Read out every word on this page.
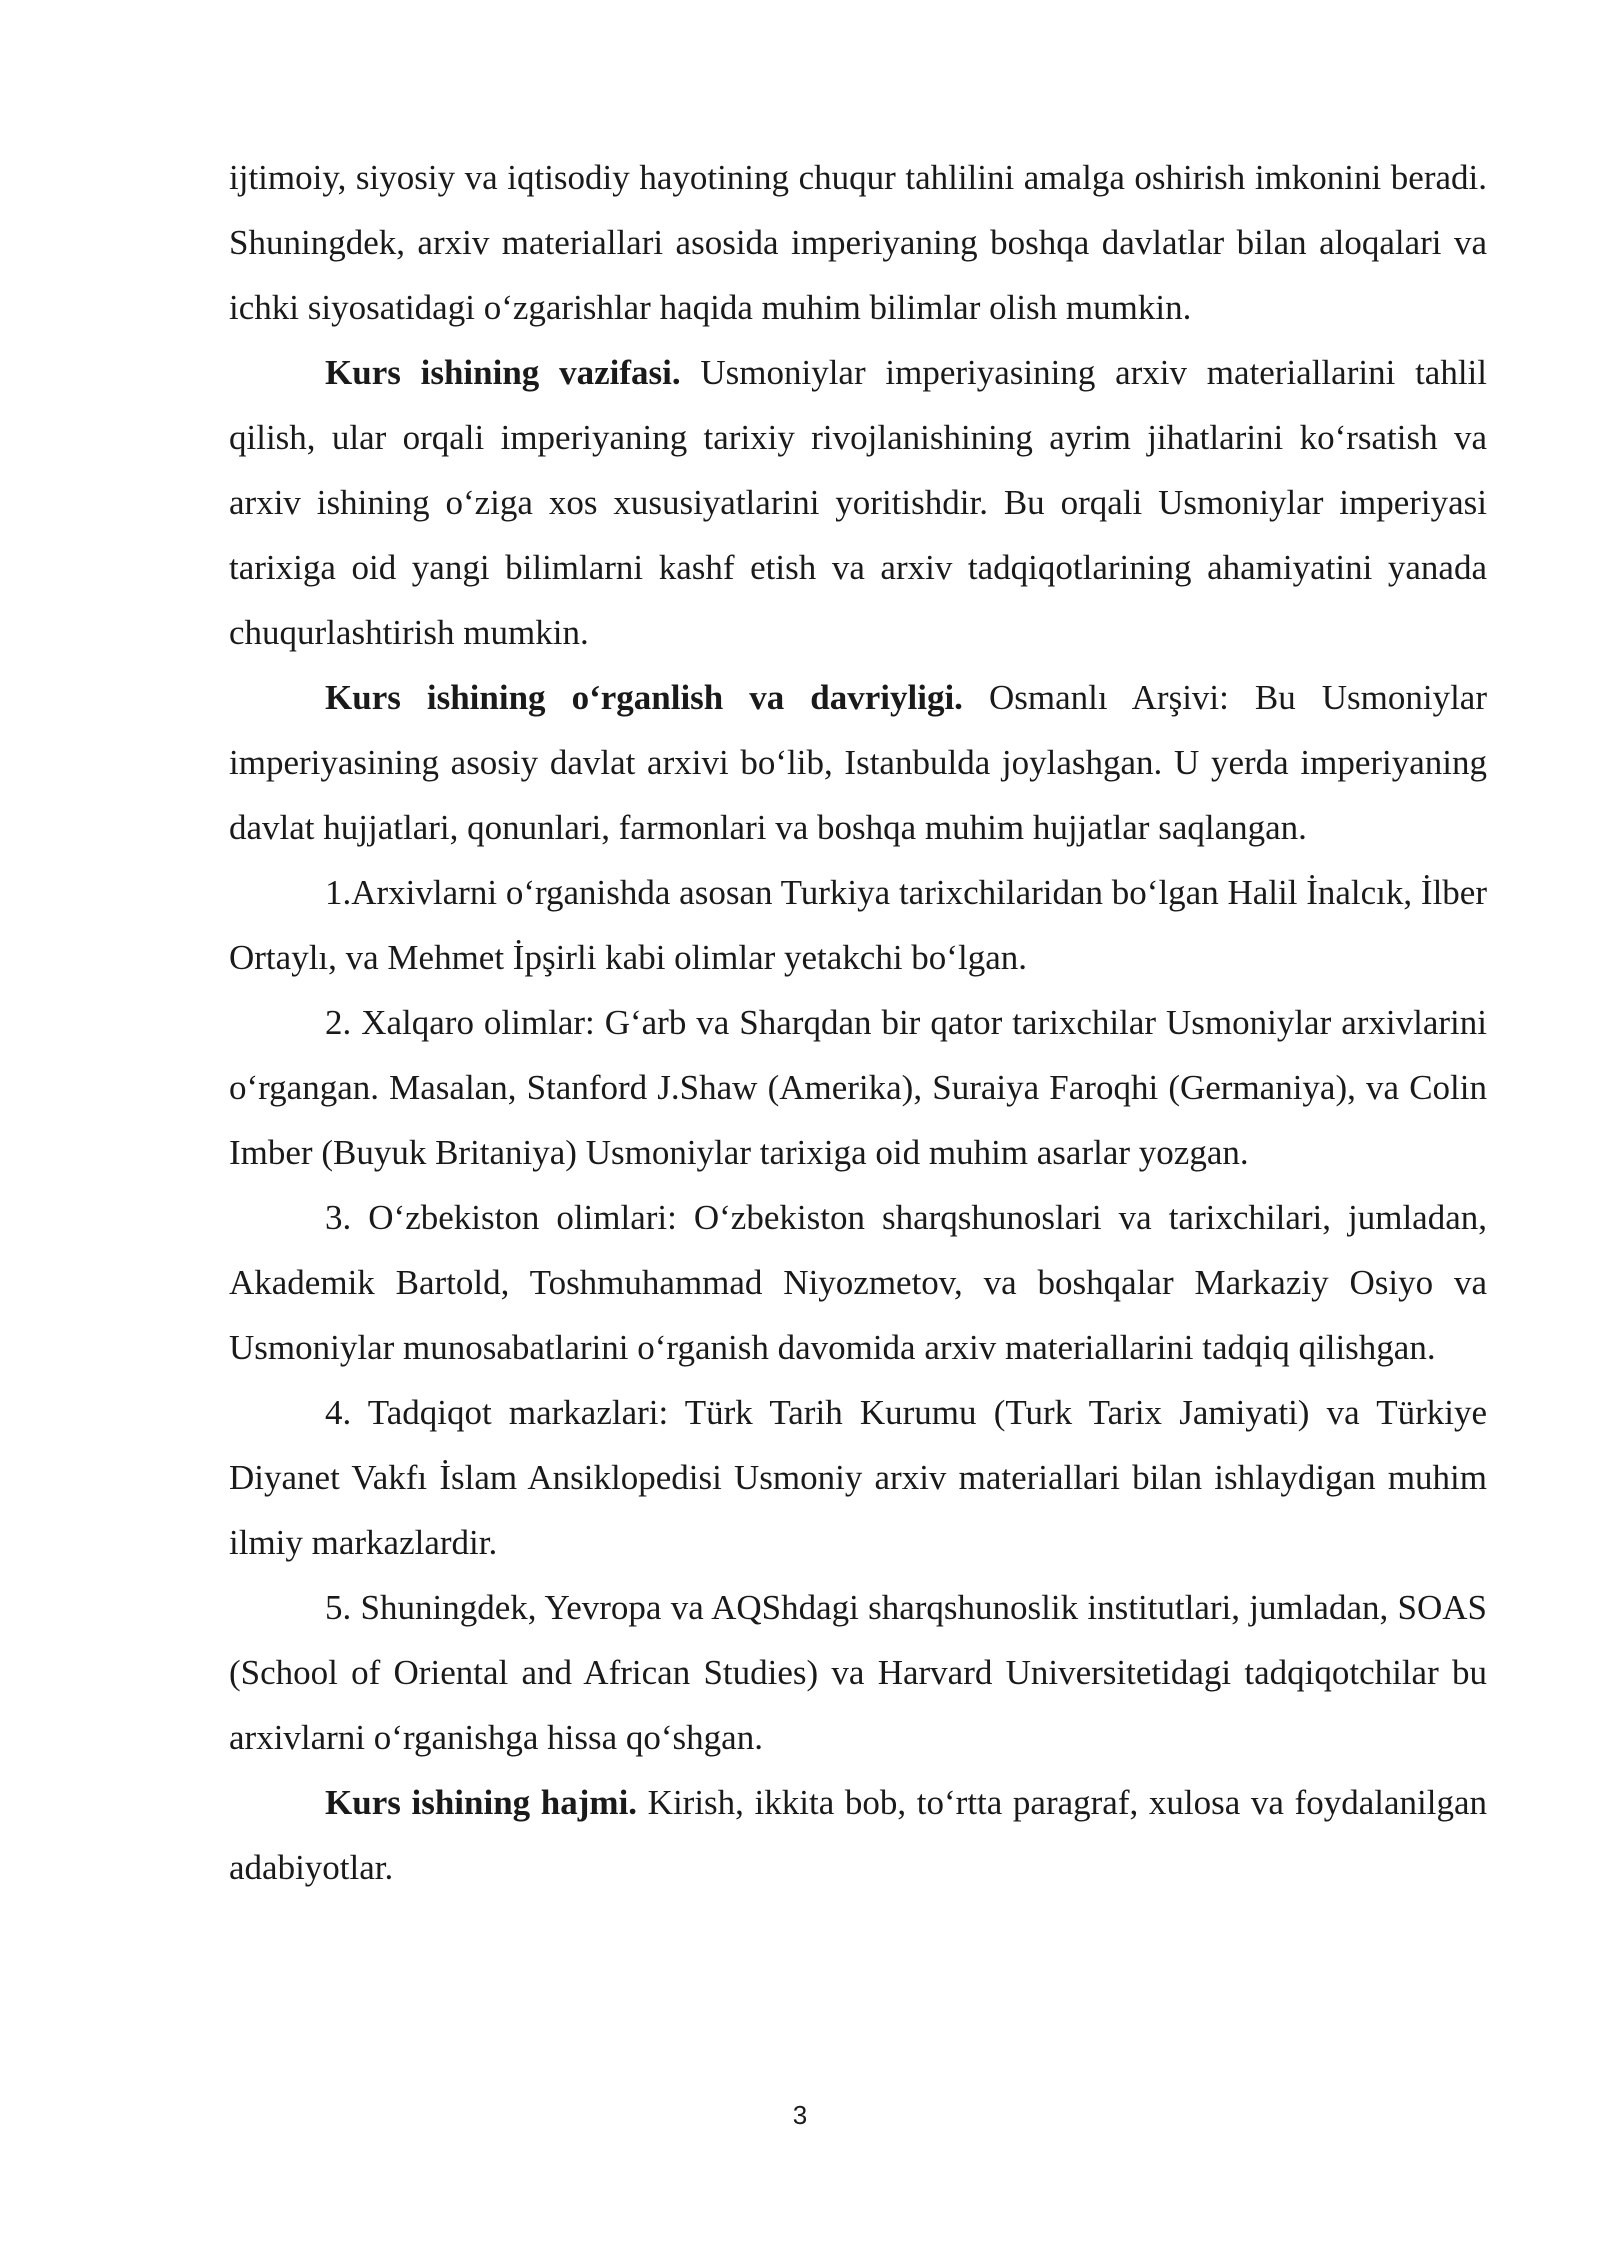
ijtimoiy, siyosiy va iqtisodiy hayotining chuqur tahlilini amalga oshirish imkonini beradi. Shuningdek, arxiv materiallari asosida imperiyaning boshqa davlatlar bilan aloqalari va ichki siyosatidagi oʻzgarishlar haqida muhim bilimlar olish mumkin.

Kurs ishining vazifasi. Usmoniylar imperiyasining arxiv materiallarini tahlil qilish, ular orqali imperiyaning tarixiy rivojlanishining ayrim jihatlarini koʻrsatish va arxiv ishining oʻziga xos xususiyatlarini yoritishdir. Bu orqali Usmoniylar imperiyasi tarixiga oid yangi bilimlarni kashf etish va arxiv tadqiqotlarining ahamiyatini yanada chuqurlashtirish mumkin.

Kurs ishining oʻrganlish va davriyligi. Osmanlı Arşivi: Bu Usmoniylar imperiyasining asosiy davlat arxivi boʻlib, Istanbulda joylashgan. U yerda imperiyaning davlat hujjatlari, qonunlari, farmonlari va boshqa muhim hujjatlar saqlangan.

1.Arxivlarni oʻrganishda asosan Turkiya tarixchilaridan boʻlgan Halil İnalcık, İlber Ortaylı, va Mehmet İpşirli kabi olimlar yetakchi boʻlgan.

2. Xalqaro olimlar: Gʻarb va Sharqdan bir qator tarixchilar Usmoniylar arxivlarini oʻrgangan. Masalan, Stanford J.Shaw (Amerika), Suraiya Faroqhi (Germaniya), va Colin Imber (Buyuk Britaniya) Usmoniylar tarixiga oid muhim asarlar yozgan.

3. Oʻzbekiston olimlari: Oʻzbekiston sharqshunoslari va tarixchilari, jumladan, Akademik Bartold, Toshmuhammad Niyozmetov, va boshqalar Markaziy Osiyo va Usmoniylar munosabatlarini oʻrganish davomida arxiv materiallarini tadqiq qilishgan.

4. Tadqiqot markazlari: Türk Tarih Kurumu (Turk Tarix Jamiyati) va Türkiye Diyanet Vakfı İslam Ansiklopedisi Usmoniy arxiv materiallari bilan ishlaydigan muhim ilmiy markazlardir.

5. Shuningdek, Yevropa va AQShdagi sharqshunoslik institutlari, jumladan, SOAS (School of Oriental and African Studies) va Harvard Universitetidagi tadqiqotchilar bu arxivlarni oʻrganishga hissa qoʻshgan.

Kurs ishining hajmi. Kirish, ikkita bob, toʻrtta paragraf, xulosa va foydalanilgan adabiyotlar.

3
